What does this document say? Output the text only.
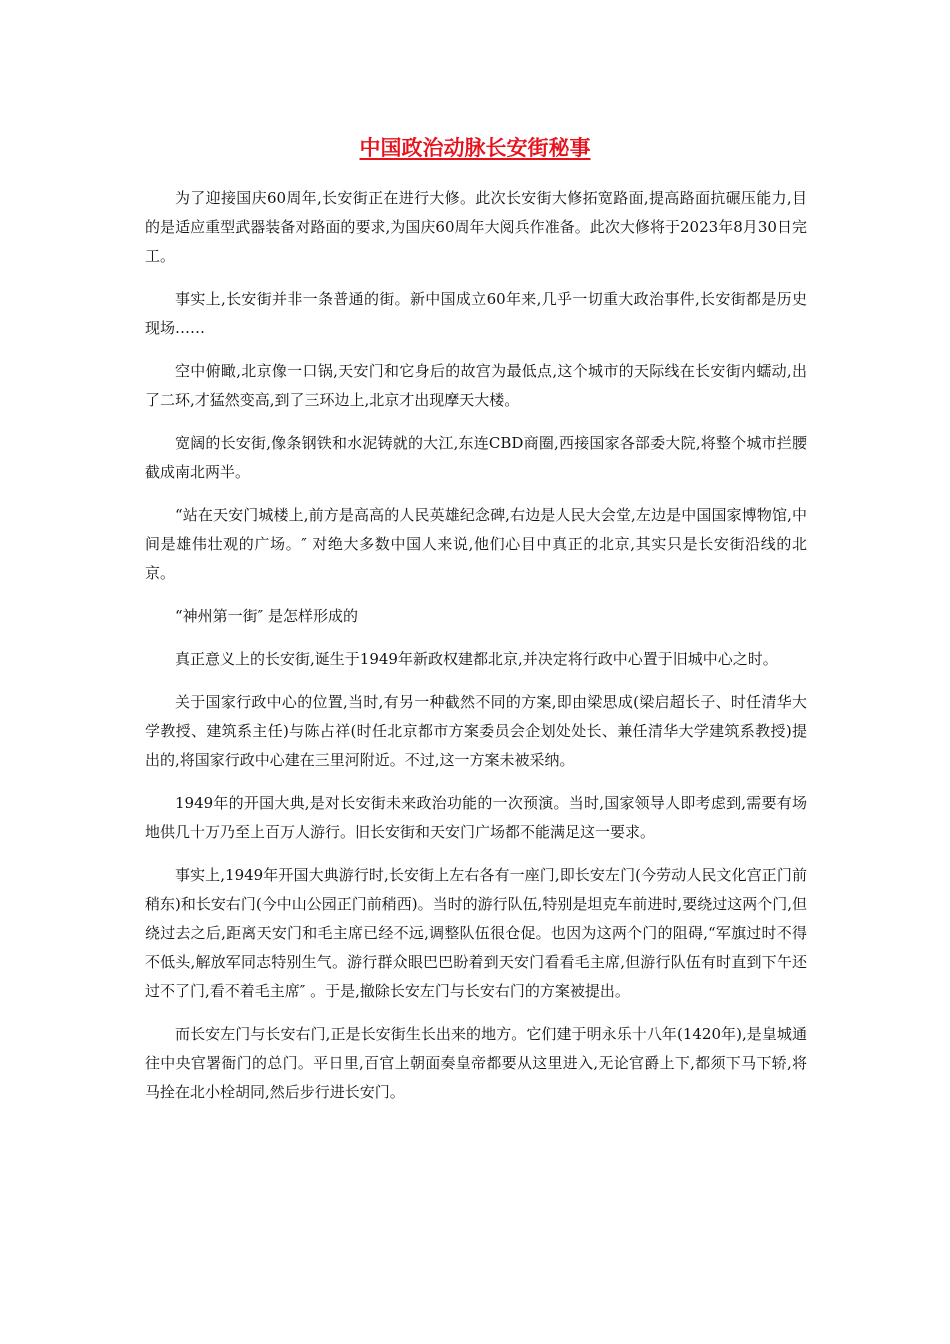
中国政治动脉长安街秘事

为了迎接国庆60周年,长安街正在进行大修。此次长安街大修拓宽路面,提高路面抗碾压能力,目的是适应重型武器装备对路面的要求,为国庆60周年大阅兵作准备。此次大修将于2023年8月30日完工。

事实上,长安街并非一条普通的街。新中国成立60年来,几乎一切重大政治事件,长安街都是历史现场……

空中俯瞰,北京像一口锅,天安门和它身后的故宫为最低点,这个城市的天际线在长安街内蠕动,出了二环,才猛然变高,到了三环边上,北京才出现摩天大楼。

宽阔的长安街,像条钢铁和水泥铸就的大江,东连CBD商圈,西接国家各部委大院,将整个城市拦腰截成南北两半。

“站在天安门城楼上,前方是高高的人民英雄纪念碑,右边是人民大会堂,左边是中国国家博物馆,中间是雄伟壮观的广场。″ 对绝大多数中国人来说,他们心目中真正的北京,其实只是长安街沿线的北京。

“神州第一街″ 是怎样形成的

真正意义上的长安街,诞生于1949年新政权建都北京,并决定将行政中心置于旧城中心之时。

关于国家行政中心的位置,当时,有另一种截然不同的方案,即由梁思成(梁启超长子、时任清华大学教授、建筑系主任)与陈占祥(时任北京都市方案委员会企划处处长、兼任清华大学建筑系教授)提出的,将国家行政中心建在三里河附近。不过,这一方案未被采纳。

1949年的开国大典,是对长安街未来政治功能的一次预演。当时,国家领导人即考虑到,需要有场地供几十万乃至上百万人游行。旧长安街和天安门广场都不能满足这一要求。

事实上,1949年开国大典游行时,长安街上左右各有一座门,即长安左门(今劳动人民文化宫正门前稍东)和长安右门(今中山公园正门前稍西)。当时的游行队伍,特别是坦克车前进时,要绕过这两个门,但绕过去之后,距离天安门和毛主席已经不远,调整队伍很仓促。也因为这两个门的阻碍,“军旗过时不得不低头,解放军同志特别生气。游行群众眼巴巴盼着到天安门看看毛主席,但游行队伍有时直到下午还过不了门,看不着毛主席″ 。于是,撤除长安左门与长安右门的方案被提出。

而长安左门与长安右门,正是长安街生长出来的地方。它们建于明永乐十八年(1420年),是皇城通往中央官署衙门的总门。平日里,百官上朝面奏皇帝都要从这里进入,无论官爵上下,都须下马下轿,将马拴在北小栓胡同,然后步行进长安门。
